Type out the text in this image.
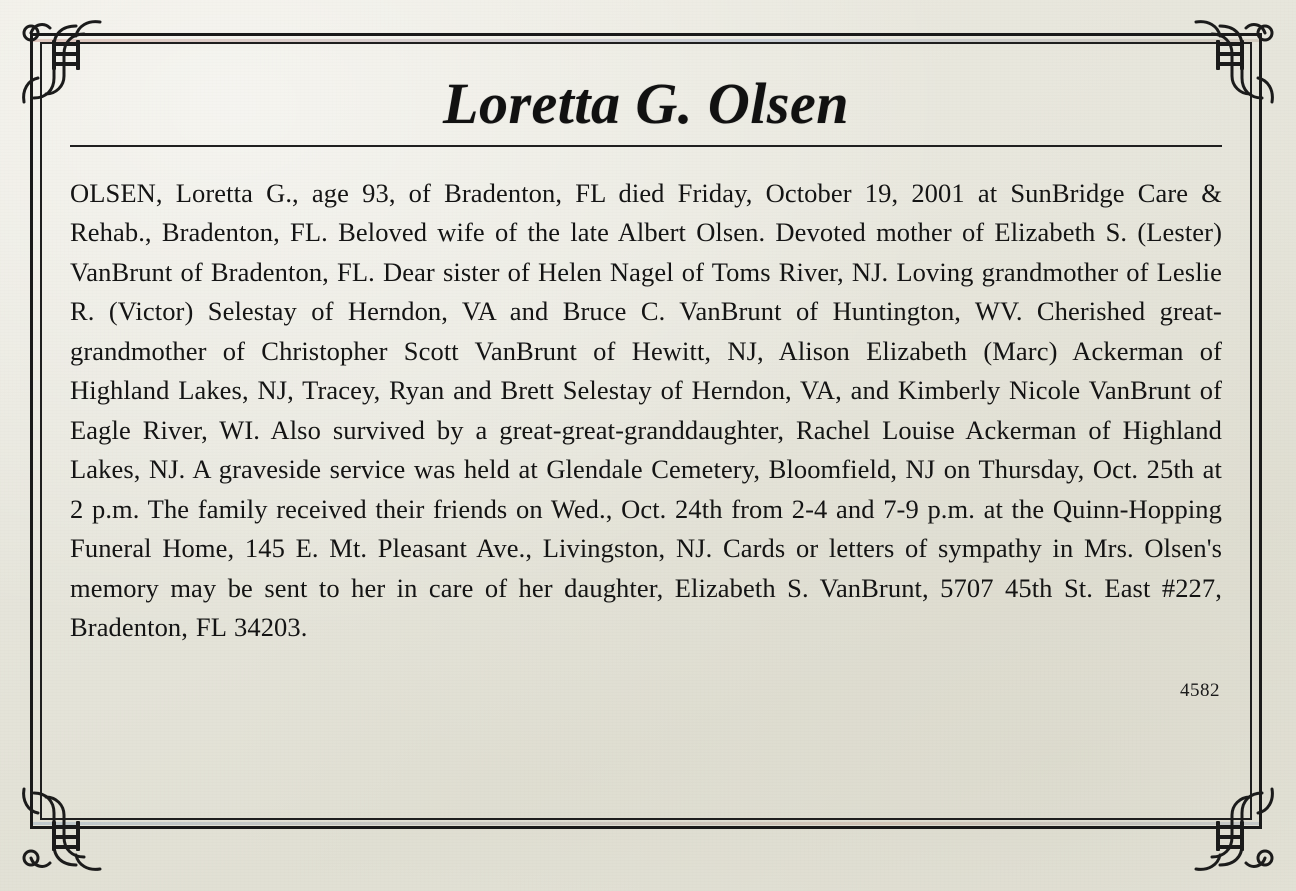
Loretta G. Olsen

OLSEN, Loretta G., age 93, of Bradenton, FL died Friday, October 19, 2001 at SunBridge Care & Rehab., Bradenton, FL. Beloved wife of the late Albert Olsen. Devoted mother of Elizabeth S. (Lester) VanBrunt of Bradenton, FL. Dear sister of Helen Nagel of Toms River, NJ. Loving grandmother of Leslie R. (Victor) Selestay of Herndon, VA and Bruce C. VanBrunt of Huntington, WV. Cherished great-grandmother of Christopher Scott VanBrunt of Hewitt, NJ, Alison Elizabeth (Marc) Ackerman of Highland Lakes, NJ, Tracey, Ryan and Brett Selestay of Herndon, VA, and Kimberly Nicole VanBrunt of Eagle River, WI. Also survived by a great-great-granddaughter, Rachel Louise Ackerman of Highland Lakes, NJ. A graveside service was held at Glendale Cemetery, Bloomfield, NJ on Thursday, Oct. 25th at 2 p.m. The family received their friends on Wed., Oct. 24th from 2-4 and 7-9 p.m. at the Quinn-Hopping Funeral Home, 145 E. Mt. Pleasant Ave., Livingston, NJ. Cards or letters of sympathy in Mrs. Olsen's memory may be sent to her in care of her daughter, Elizabeth S. VanBrunt, 5707 45th St. East #227, Bradenton, FL 34203.

4582
